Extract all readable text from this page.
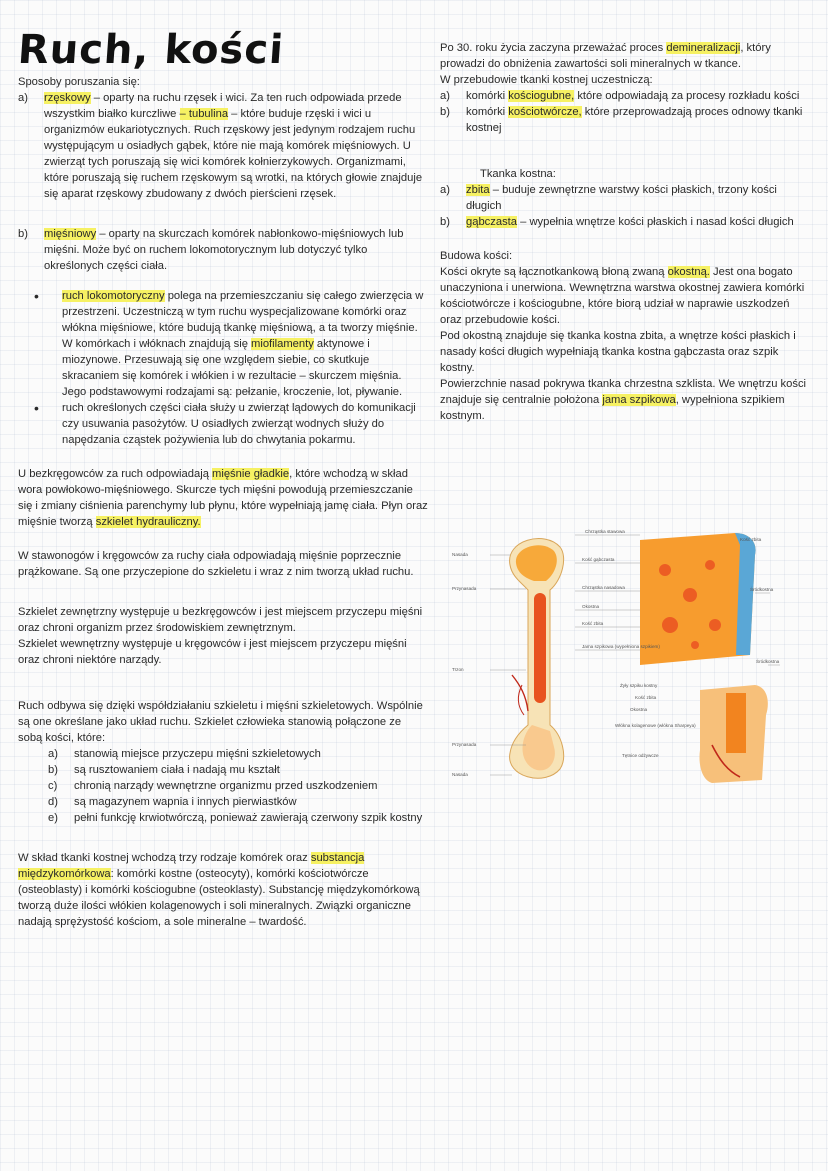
Ruch, kości
Sposoby poruszania się:
a)	rzęskowy – oparty na ruchu rzęsek i wici. Za ten ruch odpowiada przede wszystkim białko kurczliwe – tubulina – które buduje rzęski i wici u organizmów eukariotycznych. Ruch rzęskowy jest jedynym rodzajem ruchu występującym u osiadłych gąbek, które nie mają komórek mięśniowych. U zwierząt tych poruszają się wici komórek kołnierzykowych. Organizmami, które poruszają się ruchem rzęskowym są wrotki, na których głowie znajduje się aparat rzęskowy zbudowany z dwóch pierścieni rzęsek.
b)	mięśniowy – oparty na skurczach komórek nabłonkowo-mięśniowych lub mięśni. Może być on ruchem lokomotorycznym lub dotyczyć tylko określonych części ciała.
•	ruch lokomotoryczny polega na przemieszczaniu się całego zwierzęcia w przestrzeni. Uczestniczą w tym ruchu wyspecjalizowane komórki oraz włókna mięśniowe, które budują tkankę mięśniową, a ta tworzy mięśnie. W komórkach i włóknach znajdują się miofilamenty aktynowe i miozynowe. Przesuwają się one względem siebie, co skutkuje skracaniem się komórek i włókien i w rezultacie – skurczem mięśnia. Jego podstawowymi rodzajami są: pełzanie, kroczenie, lot, pływanie.
•	ruch określonych części ciała służy u zwierząt lądowych do komunikacji czy usuwania pasożytów. U osiadłych zwierząt wodnych służy do napędzania cząstek pożywienia lub do chwytania pokarmu.
U bezkręgowców za ruch odpowiadają mięśnie gładkie, które wchodzą w skład wora powłokowo-mięśniowego. Skurcze tych mięśni powodują przemieszczanie się i zmiany ciśnienia parenchymy lub płynu, które wypełniają jamę ciała. Płyn oraz mięśnie tworzą szkielet hydrauliczny.
W stawonogów i kręgowców za ruchy ciała odpowiadają mięśnie poprzecznie prążkowane. Są one przyczepione do szkieletu i wraz z nim tworzą układ ruchu.
Szkielet zewnętrzny występuje u bezkręgowców i jest miejscem przyczepu mięśni oraz chroni organizm przez środowiskiem zewnętrznym.
Szkielet wewnętrzny występuje u kręgowców i jest miejscem przyczepu mięśni oraz chroni niektóre narządy.
Ruch odbywa się dzięki współdziałaniu szkieletu i mięśni szkieletowych. Wspólnie są one określane jako układ ruchu. Szkielet człowieka stanowią połączone ze sobą kości, które:
a)	stanowią miejsce przyczepu mięśni szkieletowych
b)	są rusztowaniem ciała i nadają mu kształt
c)	chronią narządy wewnętrzne organizmu przed uszkodzeniem
d)	są magazynem wapnia i innych pierwiastków
e)	pełni funkcję krwiotwórczą, ponieważ zawierają czerwony szpik kostny
W skład tkanki kostnej wchodzą trzy rodzaje komórek oraz substancja międzykomórkowa: komórki kostne (osteocyty), komórki kościotwórcze (osteoblasty) i komórki kościogubne (osteoklasty). Substancję międzykomórkową tworzą duże ilości włókien kolagenowych i soli mineralnych. Związki organiczne nadają sprężystość kościom, a sole mineralne – twardość.
Po 30. roku życia zaczyna przeważać proces demineralizacji, który prowadzi do obniżenia zawartości soli mineralnych w tkance.
W przebudowie tkanki kostnej uczestniczą:
a)	komórki kościogubne, które odpowiadają za procesy rozkładu kości
b)	komórki kościotwórcze, które przeprowadzają proces odnowy tkanki kostnej
Tkanka kostna:
a)	zbita – buduje zewnętrzne warstwy kości płaskich, trzony kości długich
b)	gąbczasta – wypełnia wnętrze kości płaskich i nasad kości długich
Budowa kości:
Kości okryte są łącznotkankową błoną zwaną okostną. Jest ona bogato unaczyniona i unerwiona. Wewnętrzna warstwa okostnej zawiera komórki kościotwórcze i kościogubne, które biorą udział w naprawie uszkodzeń oraz przebudowie kości.
Pod okostną znajduje się tkanka kostna zbita, a wnętrze kości płaskich i nasady kości długich wypełniają tkanka kostna gąbczasta oraz szpik kostny.
Powierzchnie nasad pokrywa tkanka chrzestna szklista. We wnętrzu kości znajduje się centralnie położona jama szpikowa, wypełniona szpikiem kostnym.
Nasada
Przynasada
Trzon
Przynasada
Nasada
Chrząstka stawowa
Kość gąbczasta
Chrząstka nasadowa
Okostna
Kość zbita
Jama szpikowa (wypełniona szpikiem)
Kość zbita
Śródkostna
Śródkostna
Żyły szpiku kostny
Kość zbita
Okostna
Włókna kolagenowe (włókna Sharpeya)
Tętnice odżywcze
